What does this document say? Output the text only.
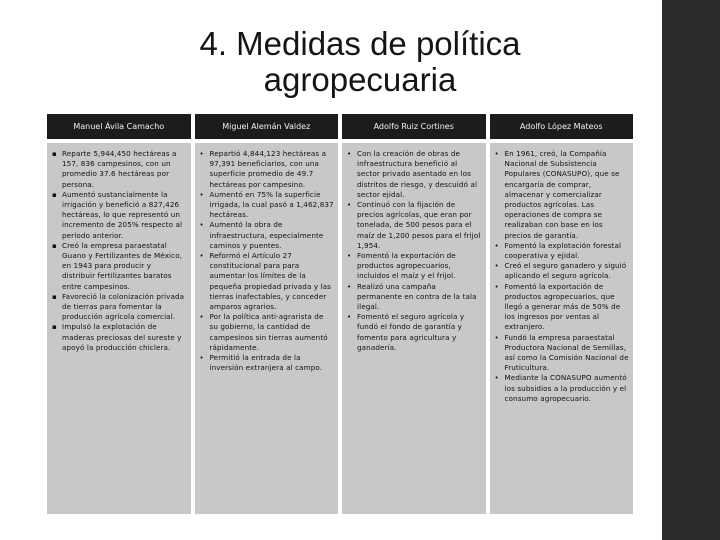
4. Medidas de política
agropecuaria
Manuel Ávila Camacho
▪
Reparte 5,944,450 hectáreas a 157, 836 campesinos, con un promedio 37.6 hectáreas por persona.
▪
Aumentó sustancialmente la irrigación y benefició a 827,426 hectáreas, lo que representó un incremento de 205% respecto al periodo anterior.
▪
Creó la empresa paraestatal Guano y Fertilizantes de México, en 1943 para producir y distribuir fertilizantes baratos entre campesinos.
▪
Favoreció la colonización privada de tierras para fomentar la producción agrícola comercial.
▪
Impulsó la explotación de maderas preciosas del sureste y apoyó la producción chiclera.
Miguel Alemán Valdez
•
Repartió 4,844,123 hectáreas a 97,391 beneficiarios, con una superficie promedio de 49.7 hectáreas por campesino.
•
Aumentó en 75% la superficie irrigada, la cual pasó a 1,462,837 hectáreas.
•
Aumentó la obra de infraestructura, especialmente caminos y puentes.
•
Reformó el Artículo 27 constitucional para para aumentar los límites de la pequeña propiedad privada y las tierras inafectables, y conceder amparos agrarios.
•
Por la política anti-agrarista de su gobierno, la cantidad de campesinos sin tierras aumentó rápidamente.
•
Permitió la entrada de la inversión extranjera al campo.
Adolfo Ruiz Cortines
•
Con la creación de obras de infraestructura benefició al sector privado asentado en los distritos de riesgo, y descuidó al sector ejidal.
•
Continuó con la fijación de precios agrícolas, que eran por tonelada, de 500 pesos para el maíz de 1,200 pesos para el frijol 1,954.
•
Fomentó la exportación de productos agropecuarios, incluidos el maíz y el frijol.
•
Realizó una campaña permanente en contra de la tala ilegal.
•
Fomentó el seguro agrícola y fundó el fondo de garantía y fomento para agricultura y ganadería.
Adolfo López Mateos
•
En 1961, creó, la Compañía Nacional de Subsistencia Populares (CONASUPO), que se encargaría de comprar, almacenar y comercializar productos agrícolas. Las operaciones de compra se realizaban con base en los precios de garantía.
•
Fomentó la explotación forestal cooperativa y ejidal.
•
Creó el seguro ganadero y siguió aplicando el seguro agrícola.
•
Fomentó la exportación de productos agropecuarios, que llegó a generar más de 50% de los ingresos por ventas al extranjero.
•
Fundó la empresa paraestatal Productora Nacional de Semillas, así como la Comisión Nacional de Fruticultura.
•
Mediante la CONASUPO aumentó los subsidios a la producción y el consumo agropecuario.
